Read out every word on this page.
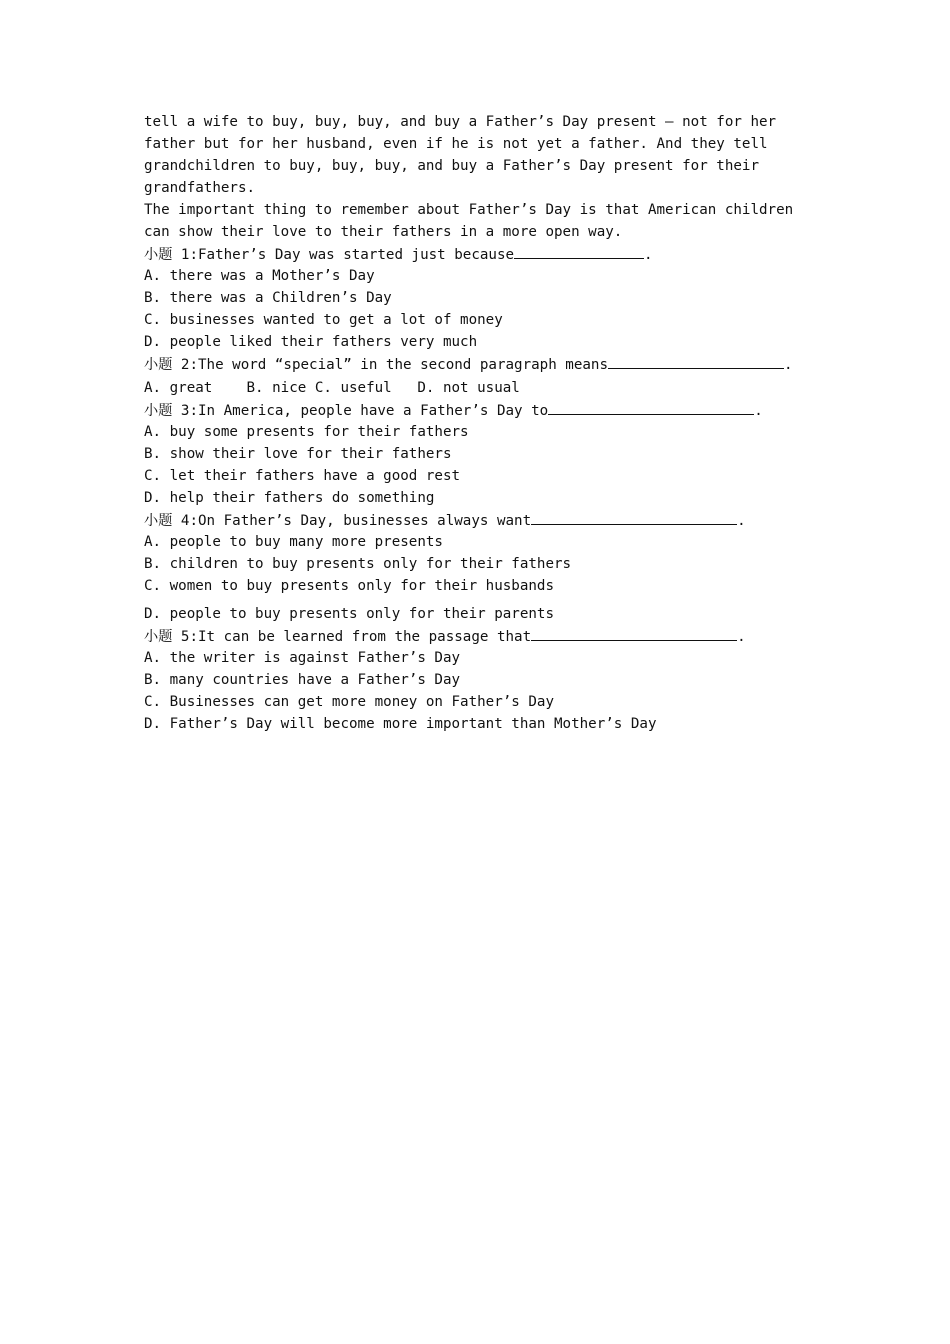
tell a wife to buy, buy, buy, and buy a Father’s Day present — not for her
father but for her husband, even if he is not yet a father. And they tell
grandchildren to buy, buy, buy, and buy a Father’s Day present for their
grandfathers.
The important thing to remember about Father’s Day is that American children
can show their love to their fathers in a more open way.
小题 1:Father’s Day was started just because	.
A. there was a Mother’s Day
B. there was a Children’s Day
C. businesses wanted to get a lot of money
D. people liked their fathers very much
小题 2:The word “special” in the second paragraph means	.
A. great    B. nice C. useful   D. not usual
小题 3:In America, people have a Father’s Day to	.
A. buy some presents for their fathers
B. show their love for their fathers
C. let their fathers have a good rest
D. help their fathers do something
小题 4:On Father’s Day, businesses always want	.
A. people to buy many more presents
B. children to buy presents only for their fathers
C. women to buy presents only for their husbands
D. people to buy presents only for their parents
小题 5:It can be learned from the passage that	.
A. the writer is against Father’s Day
B. many countries have a Father’s Day
C. Businesses can get more money on Father’s Day
D. Father’s Day will become more important than Mother’s Day
